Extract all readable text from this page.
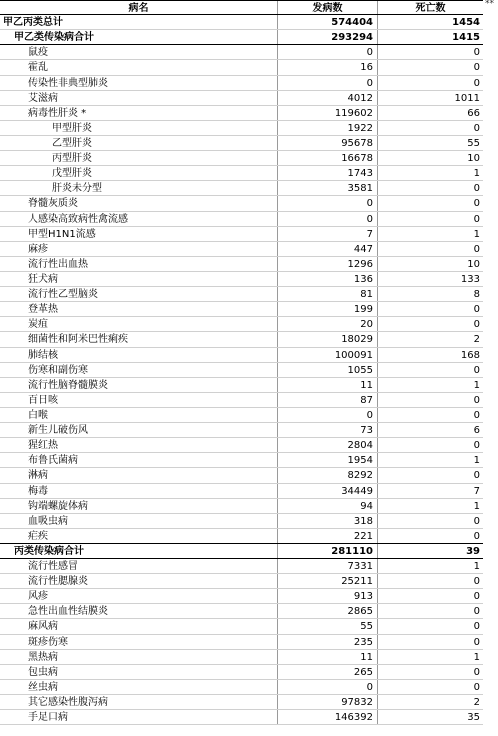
病名	发病数	死亡数
甲乙丙类总计	574404	1454
甲乙类传染病合计	293294	1415
鼠疫	0	0
霍乱	16	0
传染性非典型肺炎	0	0
艾滋病	4012	1011
病毒性肝炎 *	119602	66
甲型肝炎	1922	0
乙型肝炎	95678	55
丙型肝炎	16678	10
戊型肝炎	1743	1
肝炎未分型	3581	0
脊髓灰质炎	0	0
人感染高致病性禽流感	0	0
甲型H1N1流感	7	1
麻疹	447	0
流行性出血热	1296	10
狂犬病	136	133
流行性乙型脑炎	81	8
登革热	199	0
炭疽	20	0
细菌性和阿米巴性痢疾	18029	2
肺结核	100091	168
伤寒和副伤寒	1055	0
流行性脑脊髓膜炎	11	1
百日咳	87	0
白喉	0	0
新生儿破伤风	73	6
猩红热	2804	0
布鲁氏菌病	1954	1
淋病	8292	0
梅毒	34449	7
钩端螺旋体病	94	1
血吸虫病	318	0
疟疾	221	0
丙类传染病合计	281110	39
流行性感冒	7331	1
流行性腮腺炎	25211	0
风疹	913	0
急性出血性结膜炎	2865	0
麻风病	55	0
斑疹伤寒	235	0
黑热病	11	1
包虫病	265	0
丝虫病	0	0
其它感染性腹泻病	97832	2
手足口病	146392	35
**
